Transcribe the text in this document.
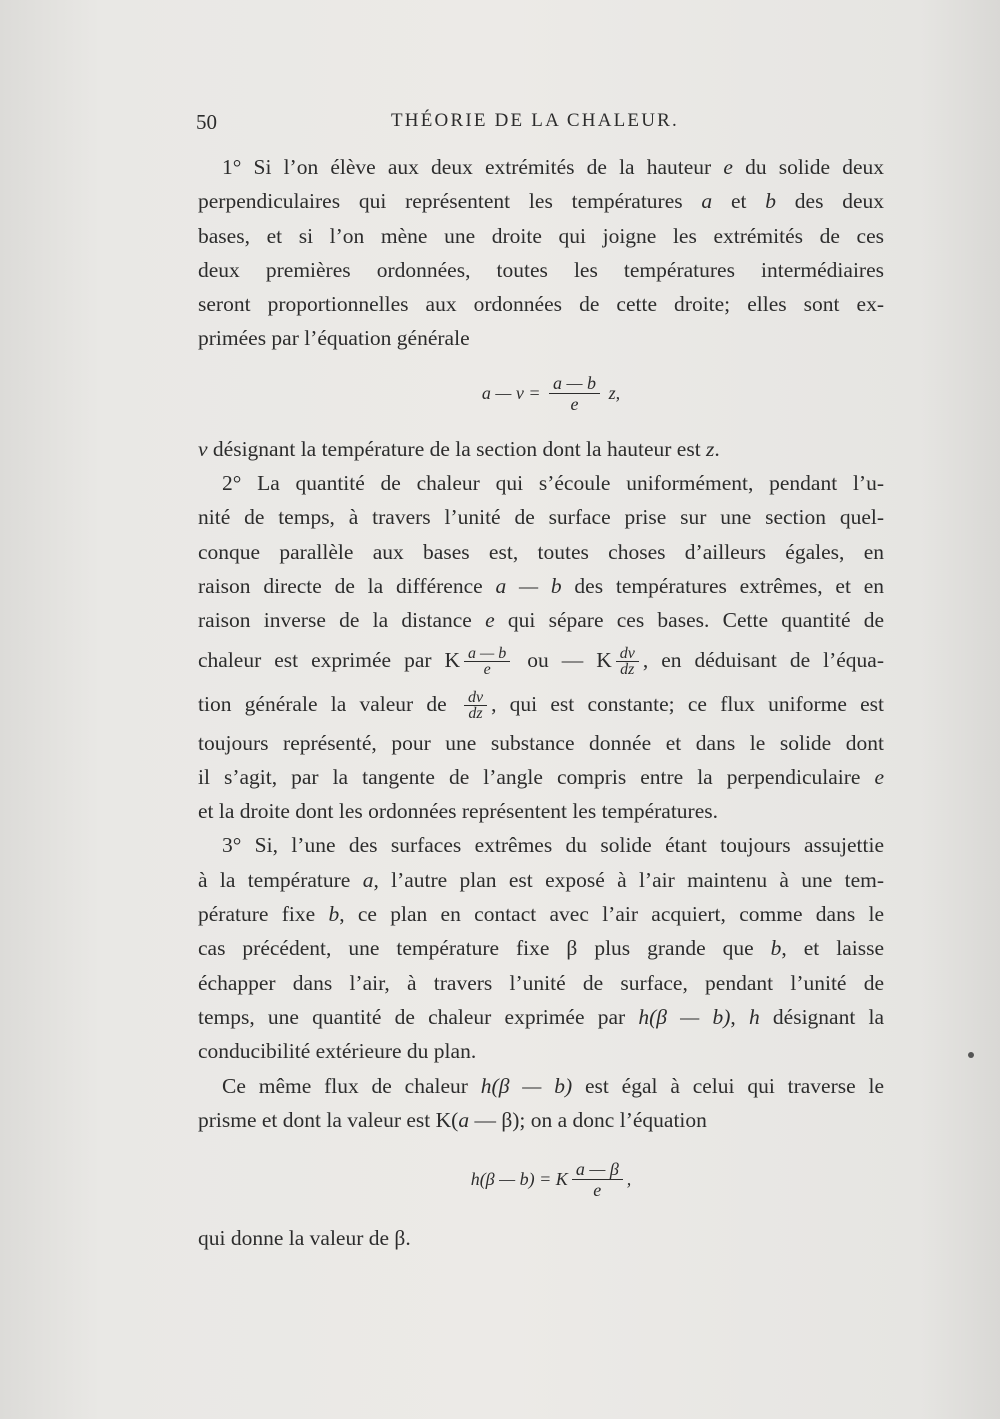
50	THÉORIE DE LA CHALEUR.
1° Si l’on élève aux deux extrémités de la hauteur e du solide deux
perpendiculaires qui représentent les températures a et b des deux
bases, et si l’on mène une droite qui joigne les extrémités de ces
deux premières ordonnées, toutes les températures intermédiaires
seront proportionnelles aux ordonnées de cette droite; elles sont ex-
primées par l’équation générale
a — $v = \frac{a — b}{e} z$,
v désignant la température de la section dont la hauteur est z.
2° La quantité de chaleur qui s’écoule uniformément, pendant l’u-
nité de temps, à travers l’unité de surface prise sur une section quel-
conque parallèle aux bases est, toutes choses d’ailleurs égales, en
raison directe de la différence a — b des températures extrêmes, et en
raison inverse de la distance e qui sépare ces bases. Cette quantité de
chaleur est exprimée par K $\frac{a — b}{e}$ ou — K $\frac{dv}{dz}$ , en déduisant de l’équa-
tion générale la valeur de $\frac{dv}{dz}$ , qui est constante; ce flux uniforme est
toujours représenté, pour une substance donnée et dans le solide dont
il s’agit, par la tangente de l’angle compris entre la perpendiculaire e
et la droite dont les ordonnées représentent les températures.
3° Si, l’une des surfaces extrêmes du solide étant toujours assujettie
à la température a, l’autre plan est exposé à l’air maintenu à une tem-
pérature fixe b, ce plan en contact avec l’air acquiert, comme dans le
cas précédent, une température fixe β plus grande que b, et laisse
échapper dans l’air, à travers l’unité de surface, pendant l’unité de
temps, une quantité de chaleur exprimée par h(β — b), h désignant la
conducibilité extérieure du plan.
Ce même flux de chaleur h(β — b) est égal à celui qui traverse le
prisme et dont la valeur est K(a — β); on a donc l’équation
h(β — b) = K $\frac{a — \beta}{e}$ ,
qui donne la valeur de β.
